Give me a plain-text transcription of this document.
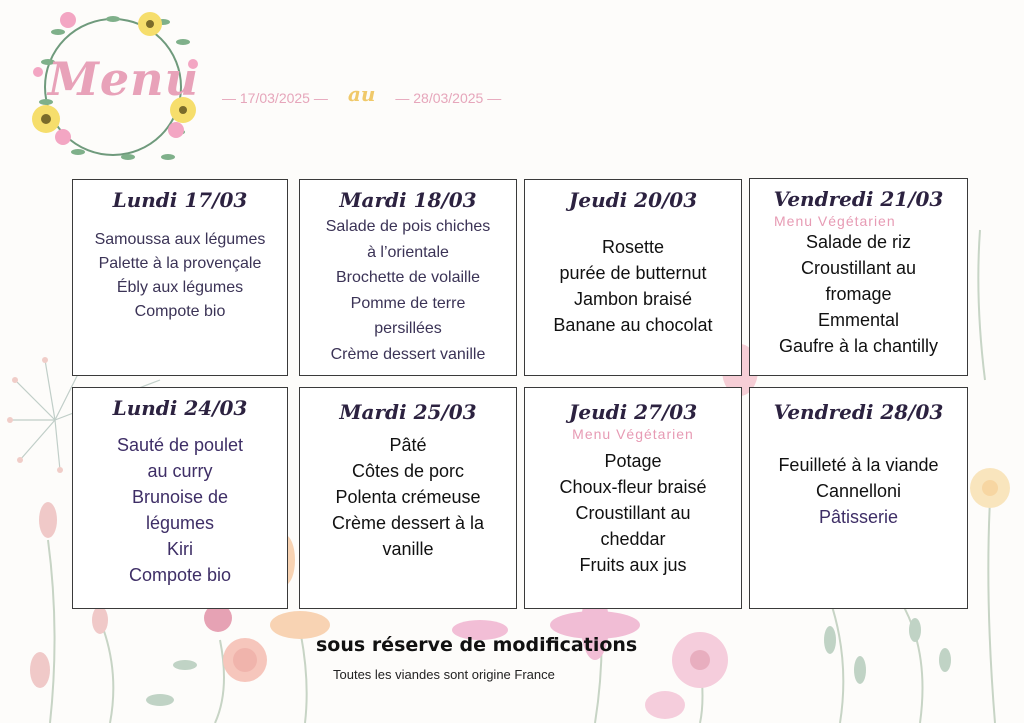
Menu — 17/03/2025 — au — 28/03/2025 —
Lundi 17/03
Samoussa aux légumes
Palette à la provençale
Ébly aux légumes
Compote bio
Mardi 18/03
Salade de pois chiches
à l’orientale
Brochette de volaille
Pomme de terre
persillées
Crème dessert vanille
Jeudi 20/03
Rosette
purée de butternut
Jambon braisé
Banane au chocolat
Vendredi 21/03
Menu Végétarien
Salade de riz
Croustillant au
fromage
Emmental
Gaufre à la chantilly
Lundi 24/03
Sauté de poulet
au curry
Brunoise de
légumes
Kiri
Compote bio
Mardi 25/03
Pâté
Côtes de porc
Polenta crémeuse
Crème dessert à la
vanille
Jeudi 27/03
Menu Végétarien
Potage
Choux-fleur braisé
Croustillant au
cheddar
Fruits aux jus
Vendredi 28/03
Feuilleté à la viande
Cannelloni
Pâtisserie
sous réserve de modifications
Toutes les viandes sont origine France
